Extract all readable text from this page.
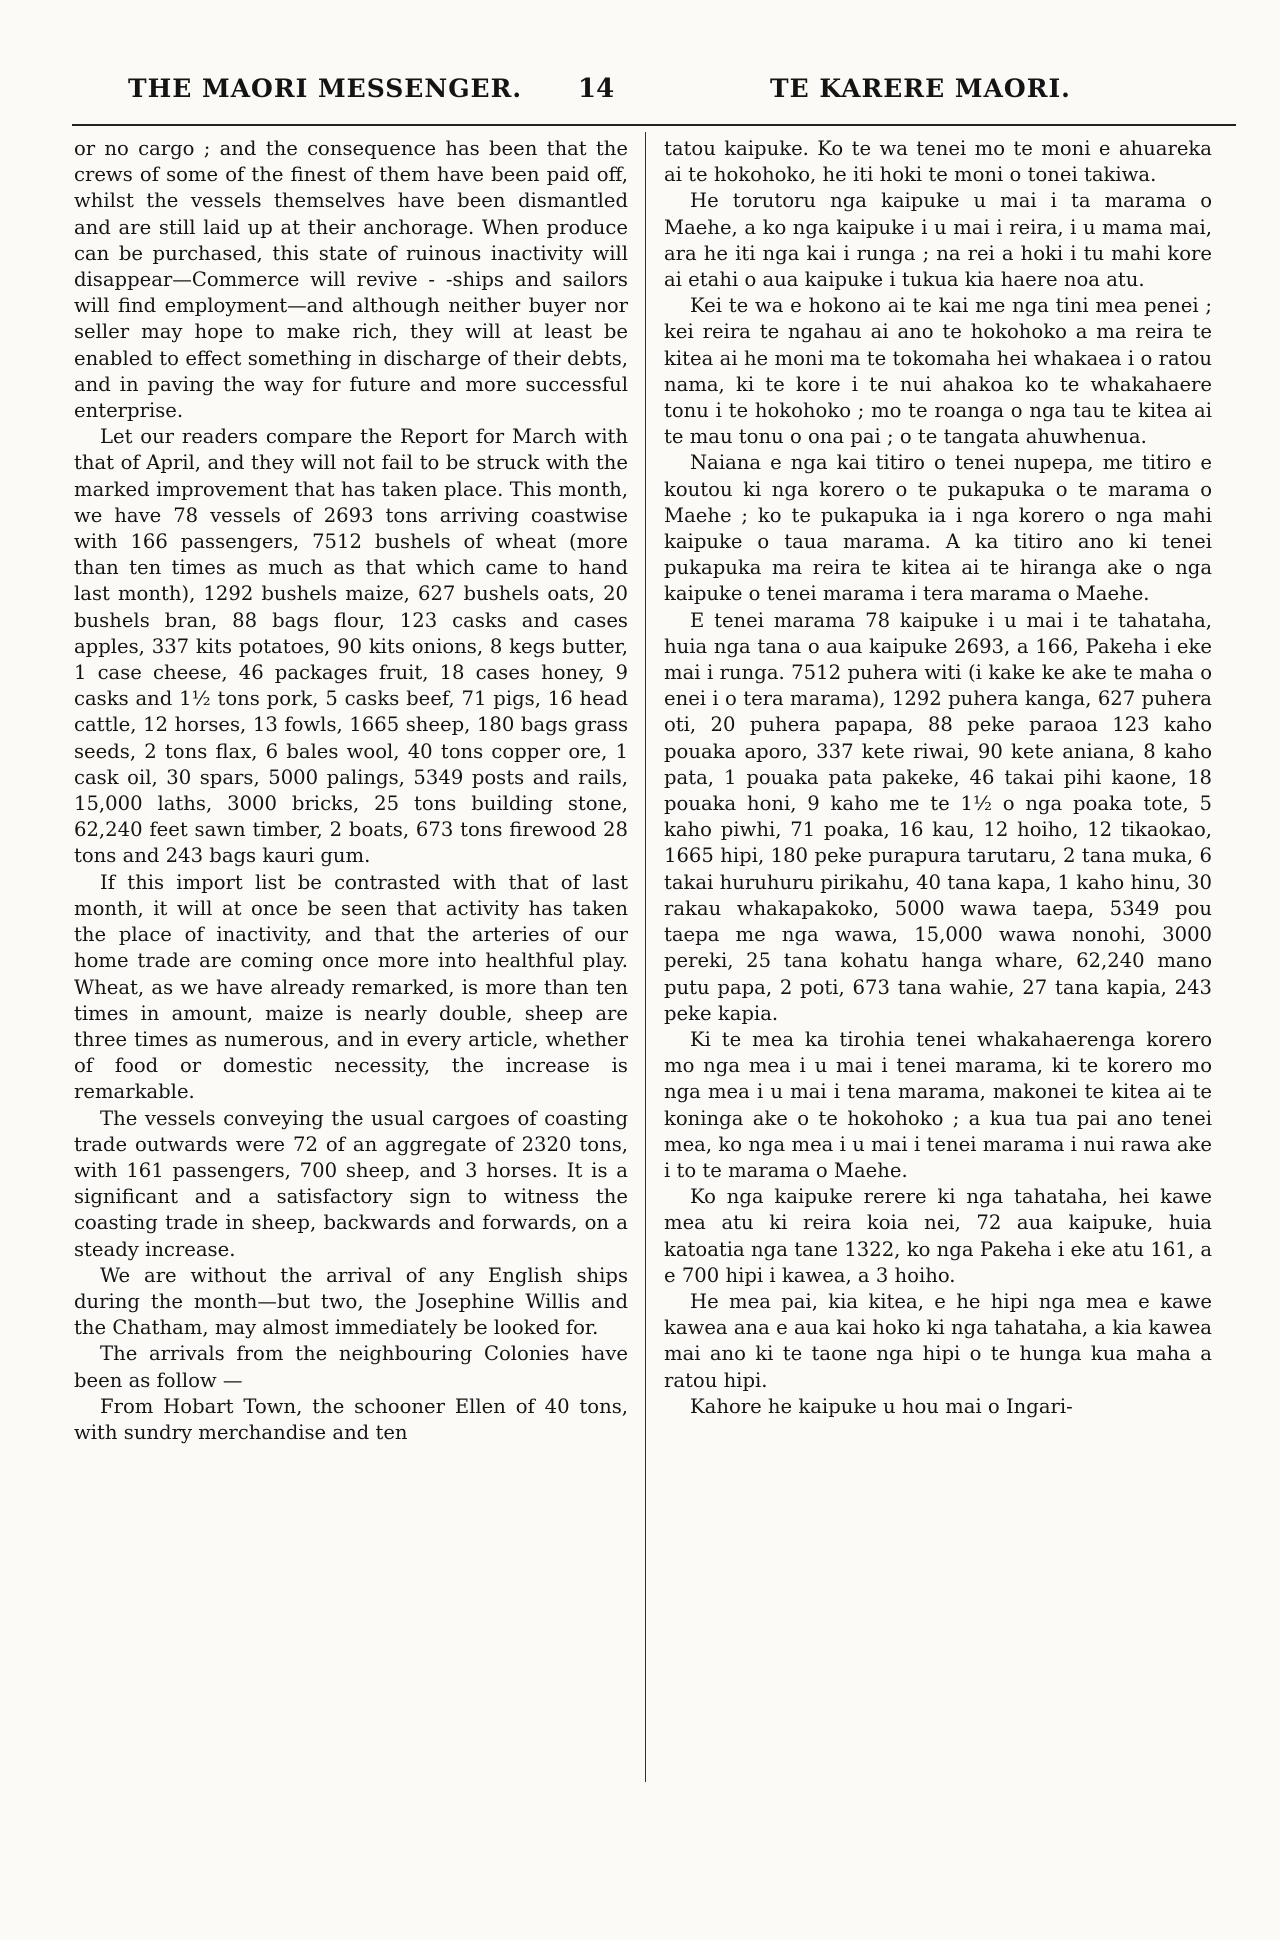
THE MAORI MESSENGER. 14	TE KARERE MAORI.

or no cargo ; and the consequence has been that the crews of some of the finest of them have been paid off, whilst the vessels themselves have been dismantled and are still laid up at their anchorage. When produce can be purchased, this state of ruinous inactivity will disappear—Commerce will revive - -ships and sailors will find employment—and although neither buyer nor seller may hope to make rich, they will at least be enabled to effect something in discharge of their debts, and in paving the way for future and more successful enterprise.

Let our readers compare the Report for March with that of April, and they will not fail to be struck with the marked improvement that has taken place. This month, we have 78 vessels of 2693 tons arriving coastwise with 166 passengers, 7512 bushels of wheat (more than ten times as much as that which came to hand last month), 1292 bushels maize, 627 bushels oats, 20 bushels bran, 88 bags flour, 123 casks and cases apples, 337 kits potatoes, 90 kits onions, 8 kegs butter, 1 case cheese, 46 packages fruit, 18 cases honey, 9 casks and 1½ tons pork, 5 casks beef, 71 pigs, 16 head cattle, 12 horses, 13 fowls, 1665 sheep, 180 bags grass seeds, 2 tons flax, 6 bales wool, 40 tons copper ore, 1 cask oil, 30 spars, 5000 palings, 5349 posts and rails, 15,000 laths, 3000 bricks, 25 tons building stone, 62,240 feet sawn timber, 2 boats, 673 tons firewood 28 tons and 243 bags kauri gum.

If this import list be contrasted with that of last month, it will at once be seen that activity has taken the place of inactivity, and that the arteries of our home trade are coming once more into healthful play. Wheat, as we have already remarked, is more than ten times in amount, maize is nearly double, sheep are three times as numerous, and in every article, whether of food or domestic necessity, the increase is remarkable.

The vessels conveying the usual cargoes of coasting trade outwards were 72 of an aggregate of 2320 tons, with 161 passengers, 700 sheep, and 3 horses. It is a significant and a satisfactory sign to witness the coasting trade in sheep, backwards and forwards, on a steady increase.

We are without the arrival of any English ships during the month—but two, the Josephine Willis and the Chatham, may almost immediately be looked for.

The arrivals from the neighbouring Colonies have been as follow —

From Hobart Town, the schooner Ellen of 40 tons, with sundry merchandise and ten

tatou kaipuke. Ko te wa tenei mo te moni e ahuareka ai te hokohoko, he iti hoki te moni o tonei takiwa.

He torutoru nga kaipuke u mai i ta marama o Maehe, a ko nga kaipuke i u mai i reira, i u mama mai, ara he iti nga kai i runga ; na rei a hoki i tu mahi kore ai etahi o aua kaipuke i tukua kia haere noa atu.

Kei te wa e hokono ai te kai me nga tini mea penei ; kei reira te ngahau ai ano te hokohoko a ma reira te kitea ai he moni ma te tokomaha hei whakaea i o ratou nama, ki te kore i te nui ahakoa ko te whakahaere tonu i te hokohoko ; mo te roanga o nga tau te kitea ai te mau tonu o ona pai ; o te tangata ahuwhenua.

Naiana e nga kai titiro o tenei nupepa, me titiro e koutou ki nga korero o te pukapuka o te marama o Maehe ; ko te pukapuka ia i nga korero o nga mahi kaipuke o taua marama. A ka titiro ano ki tenei pukapuka ma reira te kitea ai te hiranga ake o nga kaipuke o tenei marama i tera marama o Maehe.

E tenei marama 78 kaipuke i u mai i te tahataha, huia nga tana o aua kaipuke 2693, a 166, Pakeha i eke mai i runga. 7512 puhera witi (i kake ke ake te maha o enei i o tera marama), 1292 puhera kanga, 627 puhera oti, 20 puhera papapa, 88 peke paraoa 123 kaho pouaka aporo, 337 kete riwai, 90 kete aniana, 8 kaho pata, 1 pouaka pata pakeke, 46 takai pihi kaone, 18 pouaka honi, 9 kaho me te 1½ o nga poaka tote, 5 kaho piwhi, 71 poaka, 16 kau, 12 hoiho, 12 tikaokao, 1665 hipi, 180 peke purapura tarutaru, 2 tana muka, 6 takai huruhuru pirikahu, 40 tana kapa, 1 kaho hinu, 30 rakau whakapakoko, 5000 wawa taepa, 5349 pou taepa me nga wawa, 15,000 wawa nonohi, 3000 pereki, 25 tana kohatu hanga whare, 62,240 mano putu papa, 2 poti, 673 tana wahie, 27 tana kapia, 243 peke kapia.

Ki te mea ka tirohia tenei whakahaerenga korero mo nga mea i u mai i tenei marama, ki te korero mo nga mea i u mai i tena marama, makonei te kitea ai te koninga ake o te hokohoko ; a kua tua pai ano tenei mea, ko nga mea i u mai i tenei marama i nui rawa ake i to te marama o Maehe.

Ko nga kaipuke rerere ki nga tahataha, hei kawe mea atu ki reira koia nei, 72 aua kaipuke, huia katoatia nga tane 1322, ko nga Pakeha i eke atu 161, a e 700 hipi i kawea, a 3 hoiho.

He mea pai, kia kitea, e he hipi nga mea e kawe kawea ana e aua kai hoko ki nga tahataha, a kia kawea mai ano ki te taone nga hipi o te hunga kua maha a ratou hipi.

Kahore he kaipuke u hou mai o Ingari-
